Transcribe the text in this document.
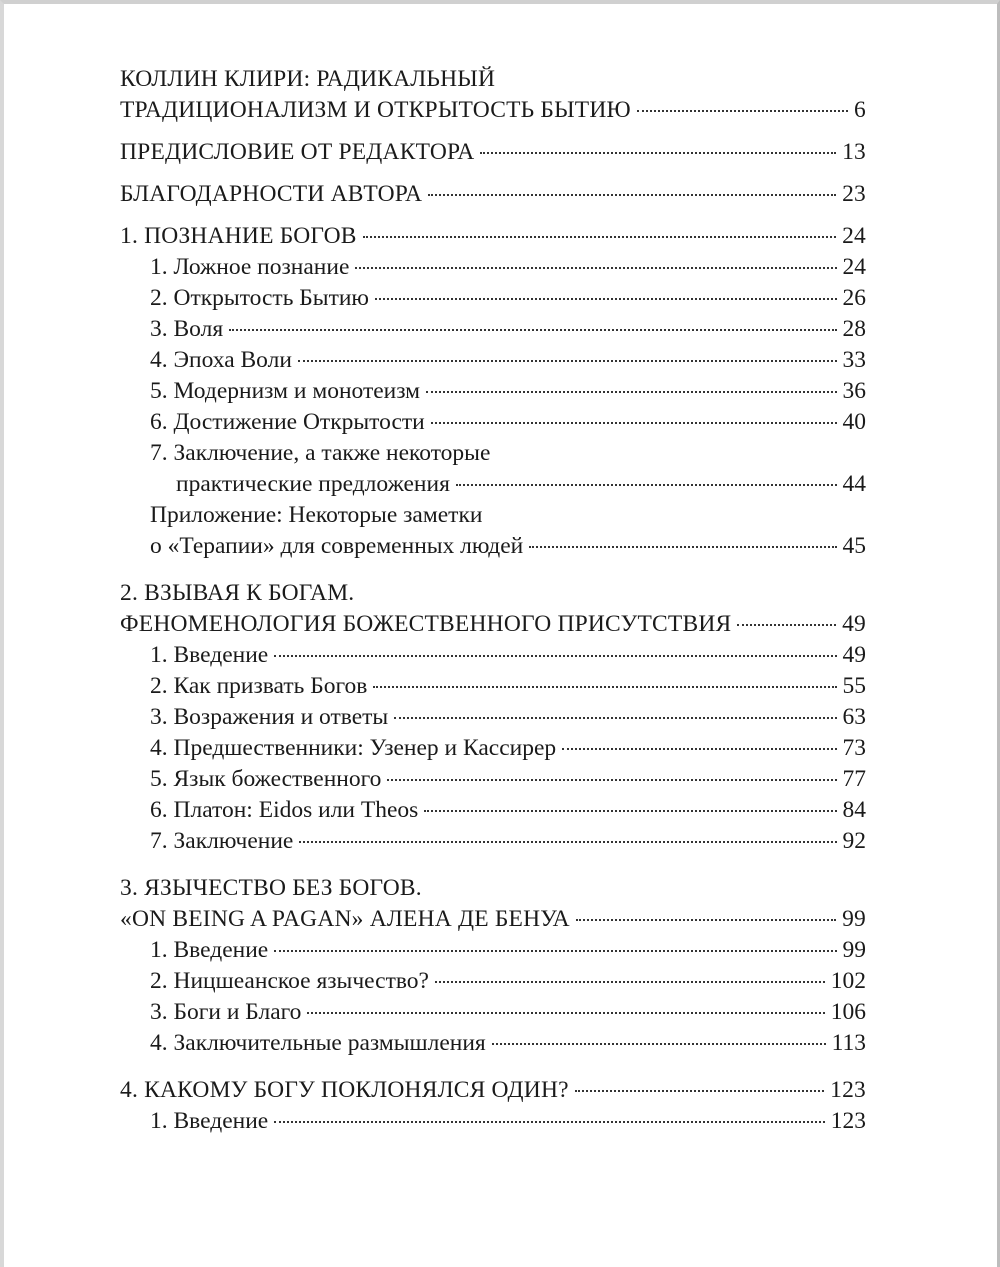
КОЛЛИН КЛИРИ: РАДИКАЛЬНЫЙ
ТРАДИЦИОНАЛИЗМ И ОТКРЫТОСТЬ БЫТИЮ	6
ПРЕДИСЛОВИЕ ОТ РЕДАКТОРА	13
БЛАГОДАРНОСТИ АВТОРА	23
1. ПОЗНАНИЕ БОГОВ	24
1. Ложное познание	24
2. Открытость Бытию	26
3. Воля	28
4. Эпоха Воли	33
5. Модернизм и монотеизм	36
6. Достижение Открытости	40
7. Заключение, а также некоторые
практические предложения	44
Приложение: Некоторые заметки
о «Терапии» для современных людей	45
2. ВЗЫВАЯ К БОГАМ.
ФЕНОМЕНОЛОГИЯ БОЖЕСТВЕННОГО ПРИСУТСТВИЯ	49
1. Введение	49
2. Как призвать Богов	55
3. Возражения и ответы	63
4. Предшественники: Узенер и Кассирер	73
5. Язык божественного	77
6. Платон: Eidos или Theos	84
7. Заключение	92
3. ЯЗЫЧЕСТВО БЕЗ БОГОВ.
«ON BEING A PAGAN» АЛЕНА ДЕ БЕНУА	99
1. Введение	99
2. Ницшеанское язычество?	102
3. Боги и Благо	106
4. Заключительные размышления	113
4. КАКОМУ БОГУ ПОКЛОНЯЛСЯ ОДИН?	123
1. Введение	123
